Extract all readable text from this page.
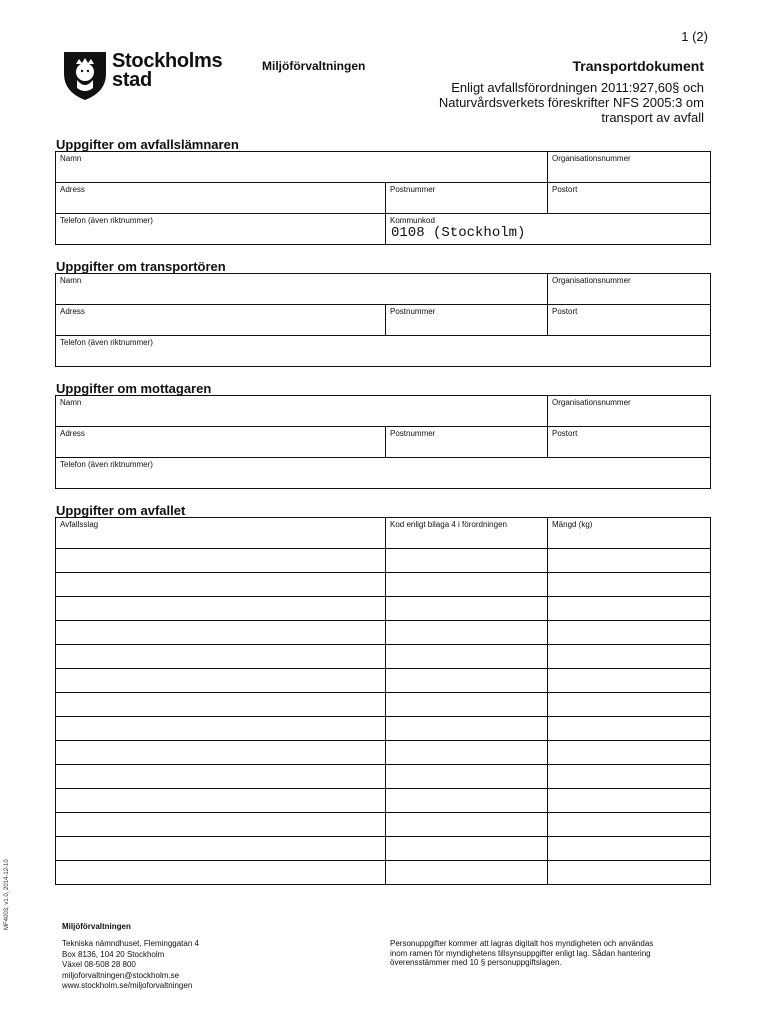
1 (2)
Stockholms
stad
Miljöförvaltningen	Transportdokument
Enligt avfallsförordningen 2011:927,60§ och
Naturvårdsverkets föreskrifter NFS 2005:3 om
transport av avfall
Uppgifter om avfallslämnaren
Namn		Organisationsnummer

Adress	Postnummer	Postort

Telefon (även riktnummer)	Kommunkod
0108 (Stockholm)	
Uppgifter om transportören
Namn		Organisationsnummer

Adress	Postnummer	Postort

Telefon (även riktnummer)		
Uppgifter om mottagaren
Namn		Organisationsnummer

Adress	Postnummer	Postort

Telefon (även riktnummer)		
Uppgifter om avfallet
Avfallsslag	Kod enligt bilaga 4 i förordningen	Mängd (kg)

MF4003, v1.0, 2014-12-10	Miljöförvaltningen
Tekniska nämndhuset, Fleminggatan 4
Box 8136, 104 20 Stockholm
Växel 08-508 28 800
miljoforvaltningen@stockholm.se
www.stockholm.se/miljoforvaltningen
Personuppgifter kommer att lagras digitalt hos myndigheten och användas
inom ramen för myndighetens tillsynsuppgifter enligt lag. Sådan hantering
överensstämmer med 10 § personuppgiftslagen.
